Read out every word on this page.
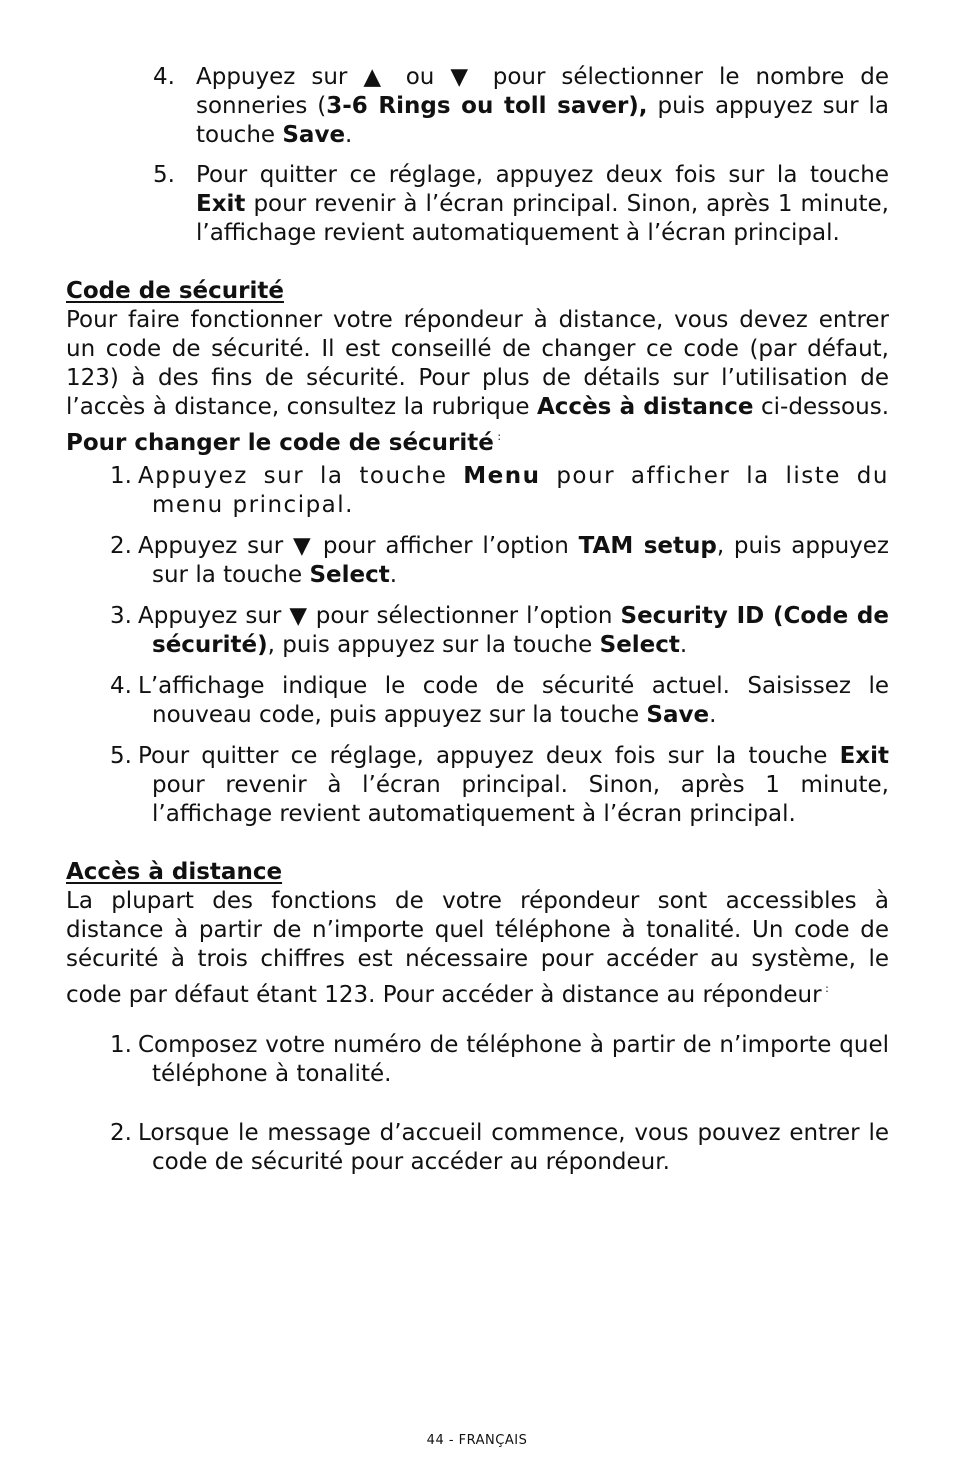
4. Appuyez sur ▲ ou ▼ pour sélectionner le nombre de sonneries (3-6 Rings ou toll saver), puis appuyez sur la touche Save.
5. Pour quitter ce réglage, appuyez deux fois sur la touche Exit pour revenir à l’écran principal. Sinon, après 1 minute, l’affichage revient automatiquement à l’écran principal.
Code de sécurité
Pour faire fonctionner votre répondeur à distance, vous devez entrer un code de sécurité. Il est conseillé de changer ce code (par défaut, 123) à des fins de sécurité. Pour plus de détails sur l’utilisation de l’accès à distance, consultez la rubrique Accès à distance ci-dessous. Pour changer le code de sécurité :
1. Appuyez sur la touche Menu pour afficher la liste du menu principal.
2. Appuyez sur ▼ pour afficher l’option TAM setup, puis appuyez sur la touche Select.
3. Appuyez sur ▼ pour sélectionner l’option Security ID (Code de sécurité), puis appuyez sur la touche Select.
4. L’affichage indique le code de sécurité actuel. Saisissez le nouveau code, puis appuyez sur la touche Save.
5. Pour quitter ce réglage, appuyez deux fois sur la touche Exit pour revenir à l’écran principal. Sinon, après 1 minute, l’affichage revient automatiquement à l’écran principal.
Accès à distance
La plupart des fonctions de votre répondeur sont accessibles à distance à partir de n’importe quel téléphone à tonalité. Un code de sécurité à trois chiffres est nécessaire pour accéder au système, le code par défaut étant 123. Pour accéder à distance au répondeur :
1. Composez votre numéro de téléphone à partir de n’importe quel téléphone à tonalité.
2. Lorsque le message d’accueil commence, vous pouvez entrer le code de sécurité pour accéder au répondeur.
44 - FRANÇAIS
